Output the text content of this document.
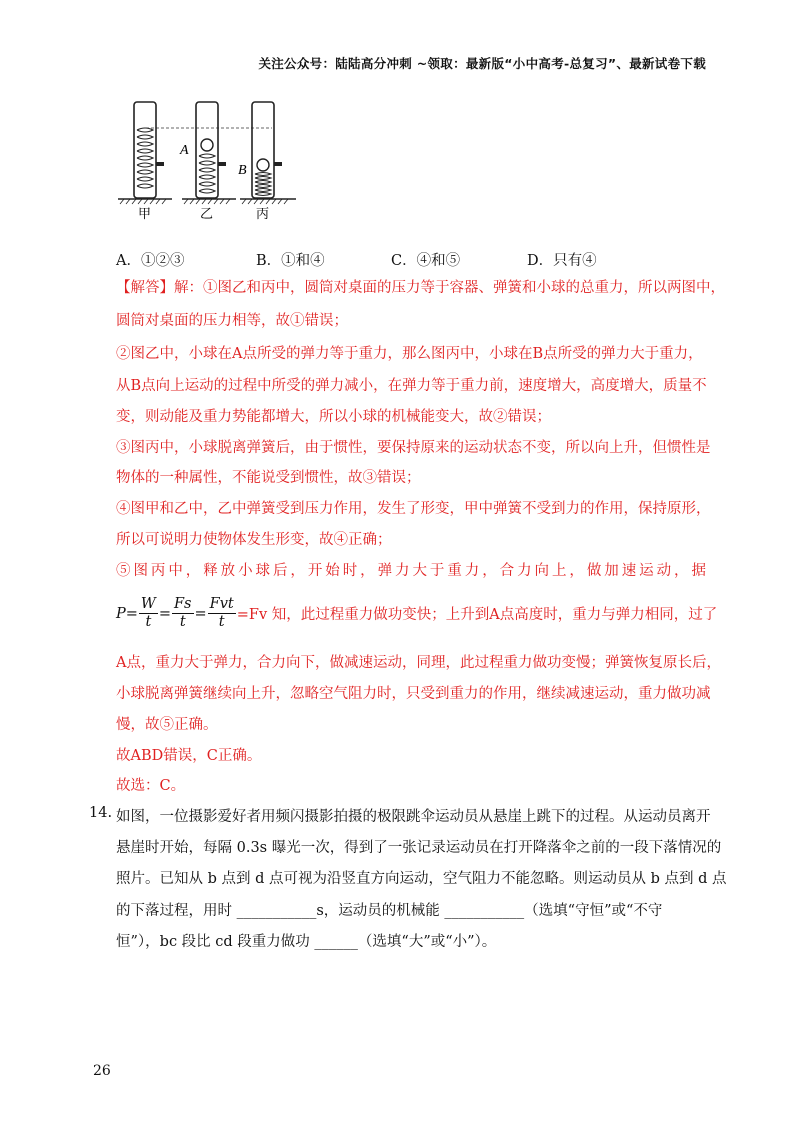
关注公众号：陆陆高分冲刺 ~领取：最新版“小中高考-总复习”、最新试卷下载
A
B
甲	乙	丙
A．①②③	B．①和④	C．④和⑤	D．只有④
【解答】解：①图乙和丙中，圆筒对桌面的压力等于容器、弹簧和小球的总重力，所以两图中，
圆筒对桌面的压力相等，故①错误；
②图乙中，小球在A点所受的弹力等于重力，那么图丙中，小球在B点所受的弹力大于重力，
从B点向上运动的过程中所受的弹力减小，在弹力等于重力前，速度增大，高度增大，质量不
变，则动能及重力势能都增大，所以小球的机械能变大，故②错误；
③图丙中，小球脱离弹簧后，由于惯性，要保持原来的运动状态不变，所以向上升，但惯性是
物体的一种属性，不能说受到惯性，故③错误；
④图甲和乙中，乙中弹簧受到压力作用，发生了形变，甲中弹簧不受到力的作用，保持原形，
所以可说明力使物体发生形变，故④正确；
⑤图丙中，释放小球后，开始时，弹力大于重力，合力向上，做加速运动，据
$P= \frac{W}{t} = \frac{Fs}{t} = \frac{\text{Fvt}}{t} =Fv$ 知，此过程重力做功变快；上升到A点高度时，重力与弹力相同，过了
A点，重力大于弹力，合力向下，做减速运动，同理，此过程重力做功变慢；弹簧恢复原长后，
小球脱离弹簧继续向上升，忽略空气阻力时，只受到重力的作用，继续减速运动，重力做功减
慢，故⑤正确。
故ABD错误，C正确。
故选：C。
14. 如图，一位摄影爱好者用频闪摄影拍摄的极限跳伞运动员从悬崖上跳下的过程。从运动员离开
悬崖时开始，每隔 0.3s 曝光一次，得到了一张记录运动员在打开降落伞之前的一段下落情况的
照片。已知从 b 点到 d 点可视为沿竖直方向运动，空气阻力不能忽略。则运动员从 b 点到 d 点
的下落过程，用时 ___________s，运动员的机械能 ___________（选填“守恒”或“不守
恒”），bc 段比 cd 段重力做功 ______（选填“大”或“小”）。
26
